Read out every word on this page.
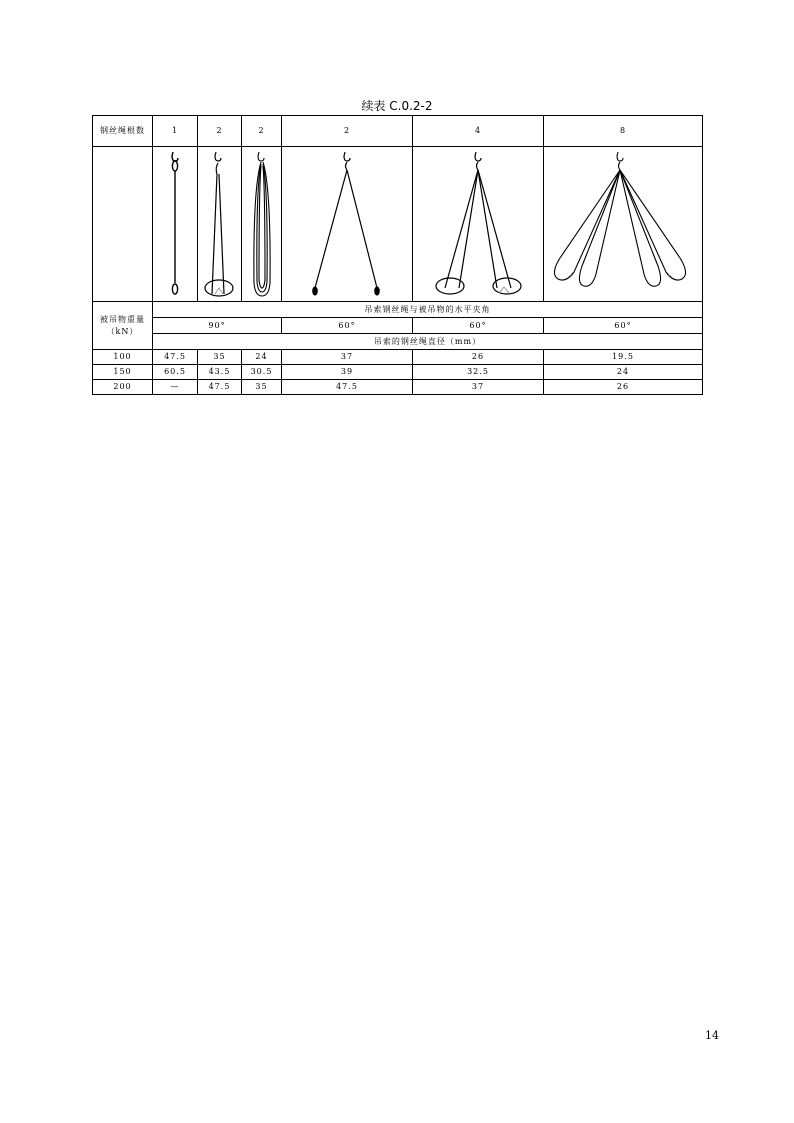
续表 C.0.2-2
钢丝绳根数	1	2	2	2	4	8

被吊物重量（kN）	吊索钢丝绳与被吊物的水平夹角					
	90°			60°	60°	60°
	吊索的钢丝绳直径（mm）					
100	47.5	35	24	37	26	19.5
150	60.5	43.5	30.5	39	32.5	24
200	—	47.5	35	47.5	37	26
14
